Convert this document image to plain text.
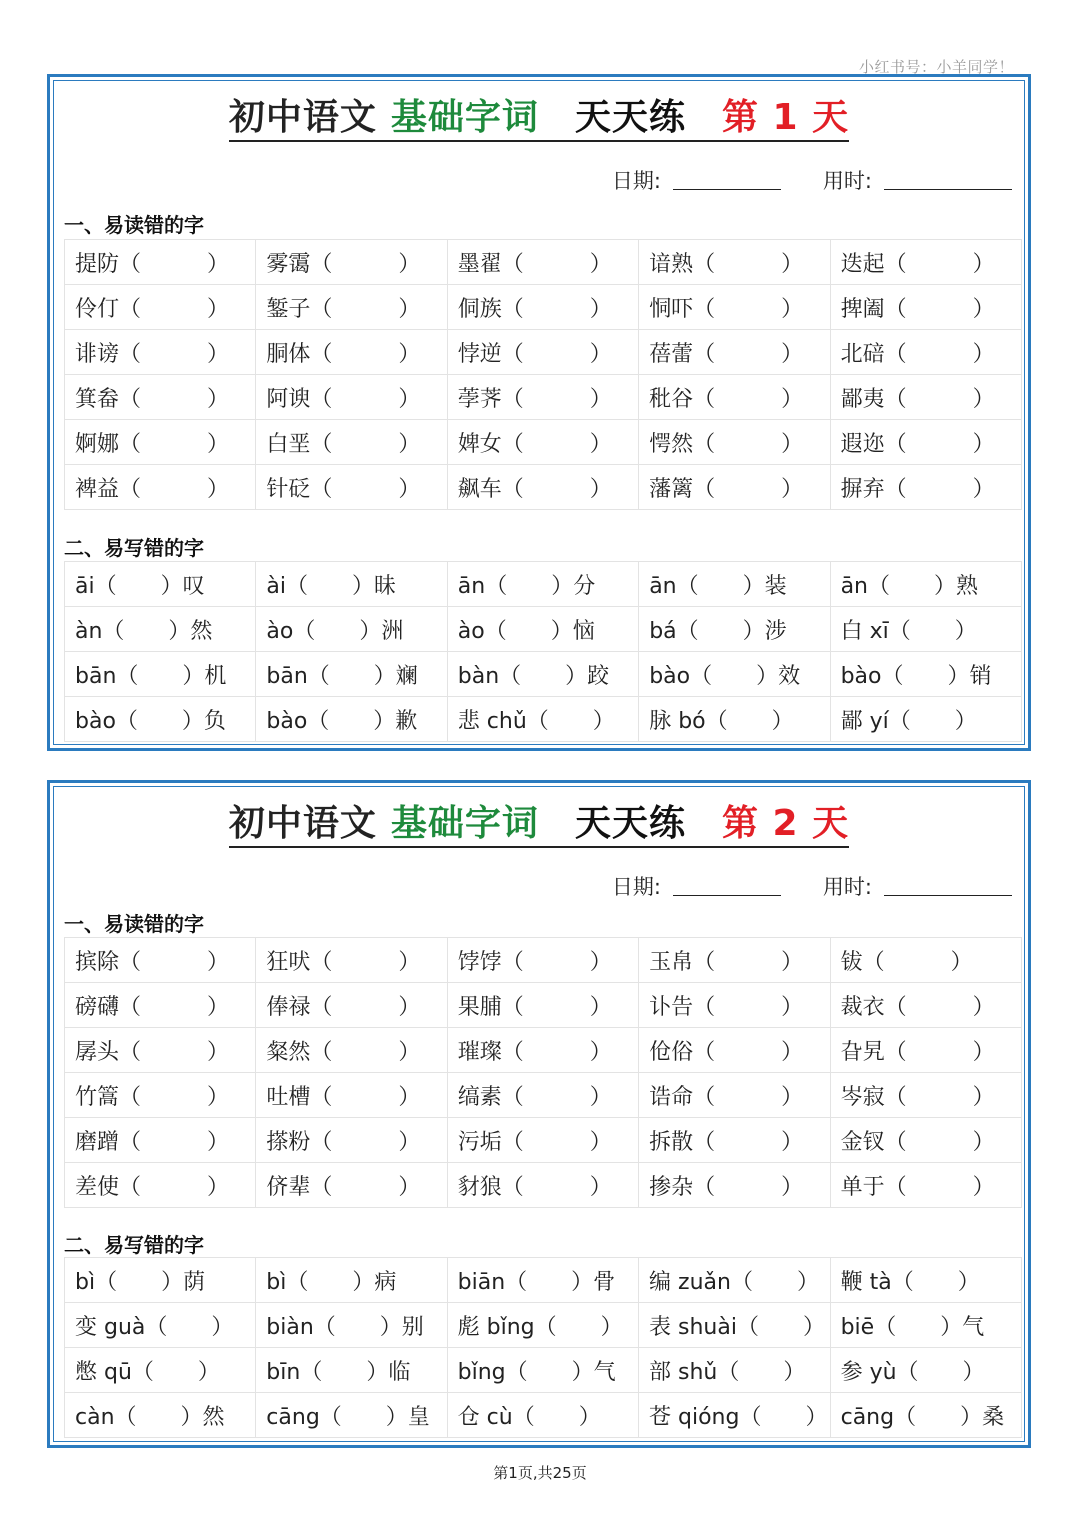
小红书号：小羊同学！
初中语文 基础字词 天天练 第 1 天
日期:	用时:
一、易读错的字
提防（　　　）	雾霭（　　　）	墨翟（　　　）	谙熟（　　　）	迭起（　　　）
伶仃（　　　）	錾子（　　　）	侗族（　　　）	恫吓（　　　）	捭阖（　　　）
诽谤（　　　）	胴体（　　　）	悖逆（　　　）	蓓蕾（　　　）	北碚（　　　）
箕畚（　　　）	阿谀（　　　）	荸荠（　　　）	秕谷（　　　）	鄙夷（　　　）
婀娜（　　　）	白垩（　　　）	婢女（　　　）	愕然（　　　）	遐迩（　　　）
裨益（　　　）	针砭（　　　）	飙车（　　　）	藩篱（　　　）	摒弃（　　　）
二、易写错的字
āi（　　）叹	ài（　　）昧	ān（　　）分	ān（　　）装	ān（　　）熟
àn（　　）然	ào（　　）洲	ào（　　）恼	bá（　　）涉	白 xī（　　）
bān（　　）机	bān（　　）斓	bàn（　　）跤	bào（　　）效	bào（　　）销
bào（　　）负	bào（　　）歉	悲 chǔ（　　）	脉 bó（　　）	鄙 yí（　　）
初中语文 基础字词 天天练 第 2 天
日期:	用时:
一、易读错的字
摈除（　　　）	狂吠（　　　）	饽饽（　　　）	玉帛（　　　）	钹（　　　）
磅礴（　　　）	俸禄（　　　）	果脯（　　　）	讣告（　　　）	裁衣（　　　）
孱头（　　　）	粲然（　　　）	璀璨（　　　）	伧俗（　　　）	旮旯（　　　）
竹篙（　　　）	吐槽（　　　）	缟素（　　　）	诰命（　　　）	岑寂（　　　）
磨蹭（　　　）	搽粉（　　　）	污垢（　　　）	拆散（　　　）	金钗（　　　）
差使（　　　）	侪辈（　　　）	豺狼（　　　）	掺杂（　　　）	单于（　　　）
二、易写错的字
bì（　　）荫	bì（　　）病	biān（　　）骨	编 zuǎn（　　）	鞭 tà（　　）
变 guà（　　）	biàn（　　）别	彪 bǐng（　　）	表 shuài（　　）	biē（　　）气
憋 qū（　　）	bīn（　　）临	bǐng（　　）气	部 shǔ（　　）	参 yù（　　）
càn（　　）然	cāng（　　）皇	仓 cù（　　）	苍 qióng（　　）	cāng（　　）桑
第1页,共25页
